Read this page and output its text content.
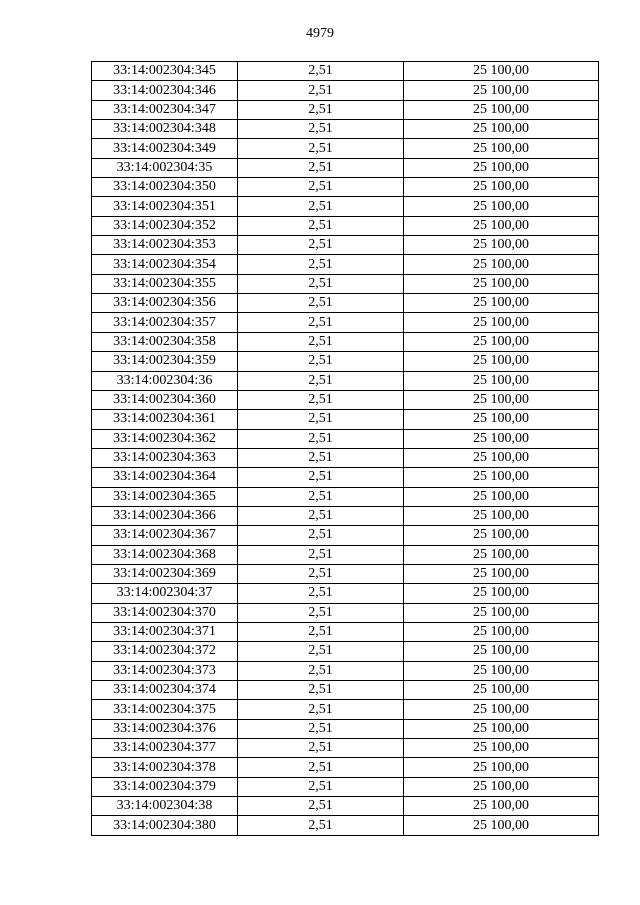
4979
33:14:002304:345	2,51	25 100,00
33:14:002304:346	2,51	25 100,00
33:14:002304:347	2,51	25 100,00
33:14:002304:348	2,51	25 100,00
33:14:002304:349	2,51	25 100,00
33:14:002304:35	2,51	25 100,00
33:14:002304:350	2,51	25 100,00
33:14:002304:351	2,51	25 100,00
33:14:002304:352	2,51	25 100,00
33:14:002304:353	2,51	25 100,00
33:14:002304:354	2,51	25 100,00
33:14:002304:355	2,51	25 100,00
33:14:002304:356	2,51	25 100,00
33:14:002304:357	2,51	25 100,00
33:14:002304:358	2,51	25 100,00
33:14:002304:359	2,51	25 100,00
33:14:002304:36	2,51	25 100,00
33:14:002304:360	2,51	25 100,00
33:14:002304:361	2,51	25 100,00
33:14:002304:362	2,51	25 100,00
33:14:002304:363	2,51	25 100,00
33:14:002304:364	2,51	25 100,00
33:14:002304:365	2,51	25 100,00
33:14:002304:366	2,51	25 100,00
33:14:002304:367	2,51	25 100,00
33:14:002304:368	2,51	25 100,00
33:14:002304:369	2,51	25 100,00
33:14:002304:37	2,51	25 100,00
33:14:002304:370	2,51	25 100,00
33:14:002304:371	2,51	25 100,00
33:14:002304:372	2,51	25 100,00
33:14:002304:373	2,51	25 100,00
33:14:002304:374	2,51	25 100,00
33:14:002304:375	2,51	25 100,00
33:14:002304:376	2,51	25 100,00
33:14:002304:377	2,51	25 100,00
33:14:002304:378	2,51	25 100,00
33:14:002304:379	2,51	25 100,00
33:14:002304:38	2,51	25 100,00
33:14:002304:380	2,51	25 100,00
